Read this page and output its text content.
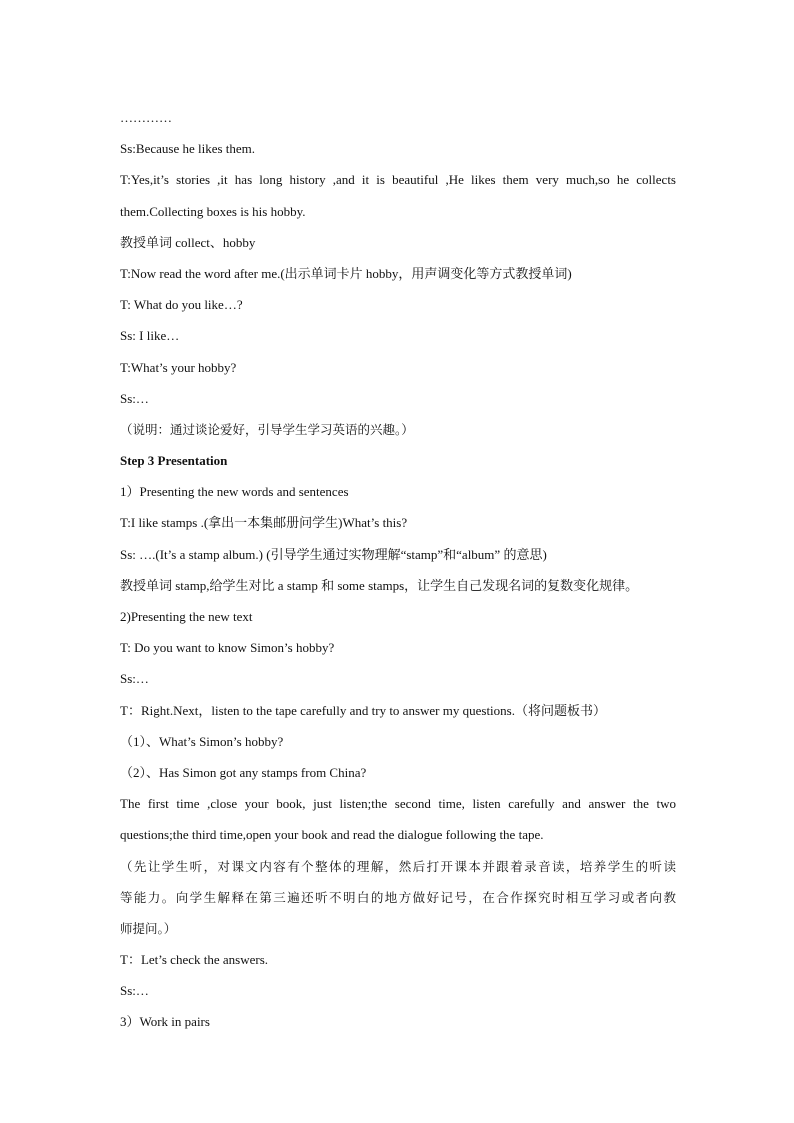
…………
Ss:Because he likes them.
T:Yes,it’s stories ,it has long history ,and it is beautiful ,He likes them very much,so he collects
them.Collecting boxes is his hobby.
教授单词 collect、hobby
T:Now read the word after me.(出示单词卡片 hobby，用声调变化等方式教授单词)
T: What do you like…?
Ss: I like…
T:What’s your hobby?
Ss:…
（说明：通过谈论爱好，引导学生学习英语的兴趣。）
Step 3 Presentation
1）Presenting the new words and sentences
T:I like stamps .(拿出一本集邮册问学生)What’s this?
Ss: ….(It’s a stamp album.) (引导学生通过实物理解“stamp”和“album” 的意思)
教授单词 stamp,给学生对比 a stamp 和 some stamps，让学生自己发现名词的复数变化规律。
2)Presenting the new text
T: Do you want to know Simon’s hobby?
Ss:…
T：Right.Next，listen to the tape carefully and try to answer my questions.（将问题板书）
（1）、What’s Simon’s hobby?
（2）、Has Simon got any stamps from China?
The first time ,close your book, just listen;the second time, listen carefully and answer the two
questions;the third time,open your book and read the dialogue following the tape.
（先让学生听，对课文内容有个整体的理解，然后打开课本并跟着录音读，培养学生的听读
等能力。向学生解释在第三遍还听不明白的地方做好记号，在合作探究时相互学习或者向教
师提问。）
T：Let’s check the answers.
Ss:…
3）Work in pairs
